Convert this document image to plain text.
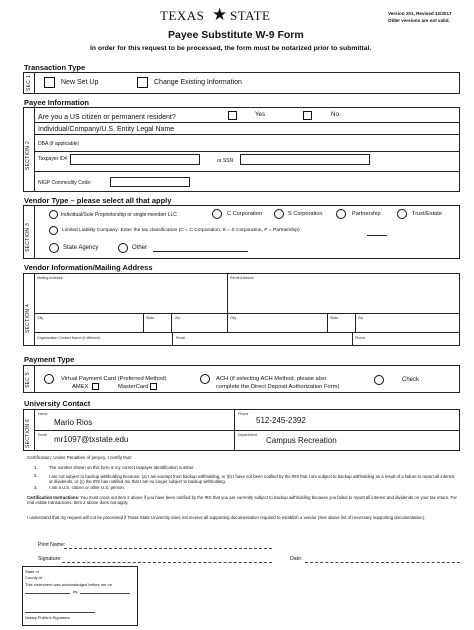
TEXAS ★ STATE	Version 201, Revised 12/2017
Older versions are not valid.
Payee Substitute W-9 Form
In order for this request to be processed, the form must be notarized prior to submittal.
Transaction Type
SEC 1	New Set Up	Change Existing Information
Payee Information
SECTION 2
Are you a US citizen or permanent resident?	Yes	No
Individual/Company/U.S. Entity Legal Name
DBA (if applicable)
Taxpayer ID#	or SSN
NIGP Commodity Code:
Vendor Type – please select all that apply
SECTION 3
Individual/Sole Proprietorship or single-member LLC	C Corporation	S Corporation	Partnership	Trust/Estate
Limited Liability Company: Enter the tax classification (C = C Corporation, S = S Corporation, P = Partnership)
State Agency	Other
Vendor Information/Mailing Address
SECTION 4
Mailing Address:	Remit Address:
City	State	Zip	City	State	Zip
Organization Contact Name (if different)	Email	Phone
Payment Type
SEC 5	Virtual Payment Card (Preferred Method)
AMEX	MasterCard
ACH (if selecting ACH Method, please also
complete the Direct Deposit Authorization Form)
Check
University Contact
SECTION 6
Name
Mario Rios
Phone
512-245-2392
Email mr1097@txstate.edu	Department
Campus Recreation
Certification: Under Penalties of perjury, I certify that:
1.	The number shown on this form is my correct taxpayer identification number.
2.	I am not subject to backup withholding because: (a) I am exempt from backup withholding, or (b) I have not been notified by the IRS that I am subject to backup withholding as a result of a failure to report all interest or dividends, or (c) the IRS has notified me that I am no longer subject to backup withholding.
3.	I am a U.S. citizen or other U.S. person.
Certification Instructions: You must cross out item 2 above if you have been notified by the IRS that you are currently subject to backup withholding because you failed to report all interest and dividends on your tax return. For real estate transactions, item 2 above does not apply.
I understand that my request will not be processed if Texas State University does not receive all supporting documentation required to establish a vendor (See above list of necessary supporting documentation).
Print Name:
Signature:	Date:
State of
County of
This instrument was acknowledged before me on
by
Notary Public's Signature
